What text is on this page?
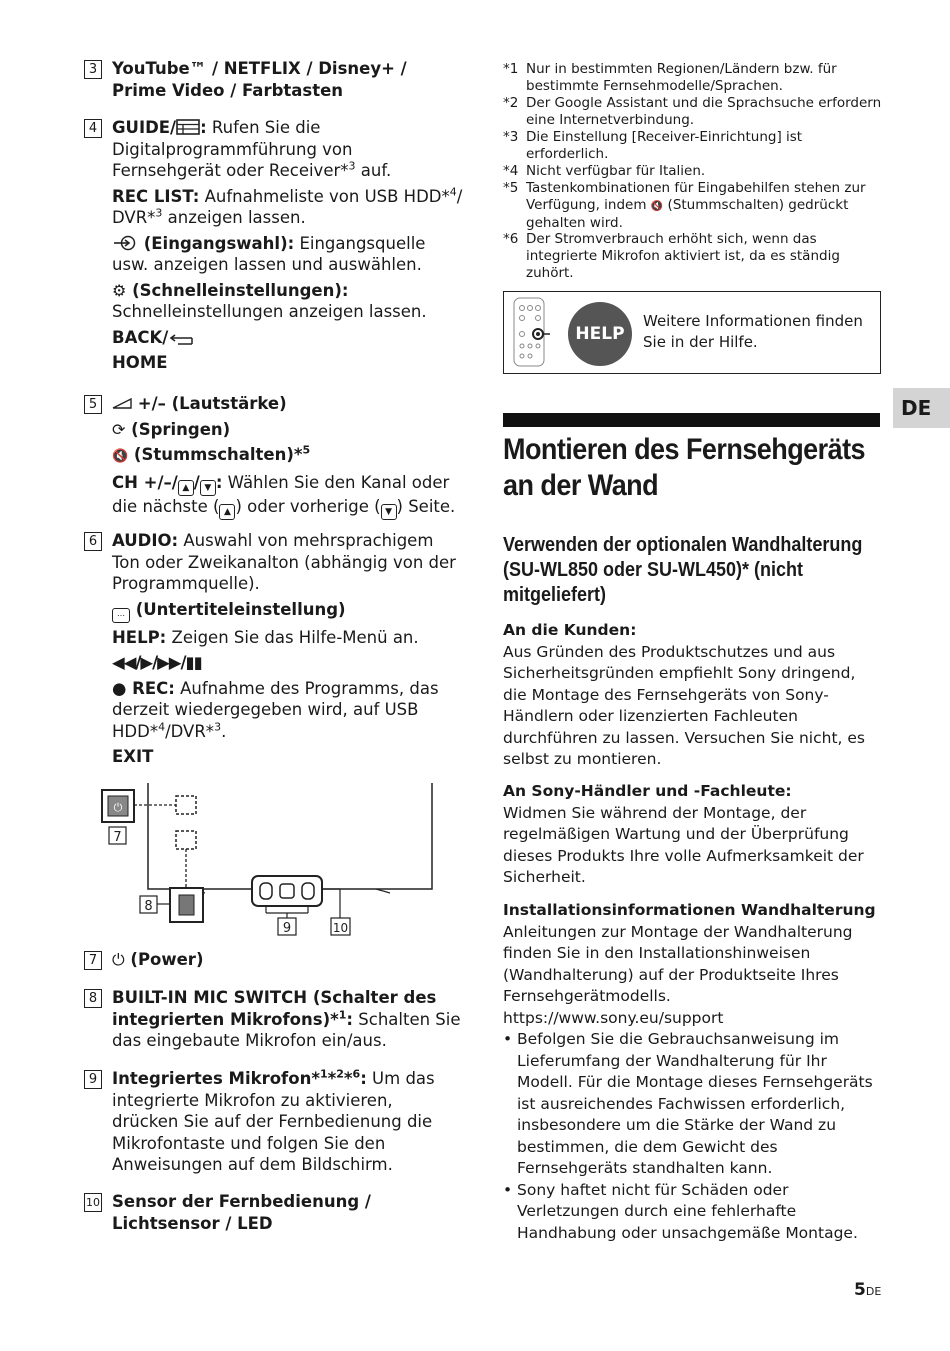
3 YouTube™ / NETFLIX / Disney+ / Prime Video / Farbtasten
4 GUIDE/ : Rufen Sie die Digitalprogrammführung von Fernsehgerät oder Receiver*$^3$ auf.
REC LIST: Aufnahmeliste von USB HDD*$^4$/ DVR*$^3$ anzeigen lassen.
(Eingangswahl): Eingangsquelle usw. anzeigen lassen und auswählen.
⚙ (Schnelleinstellungen):
Schnelleinstellungen anzeigen lassen.
BACK/
HOME
5	+/– (Lautstärke)
⟳ (Springen)
🔇 (Stummschalten)*$^5$
CH +/–/ ▲ / ▼ : Wählen Sie den Kanal oder die nächste ( ▲ ) oder vorherige ( ▼ ) Seite.
6 AUDIO: Auswahl von mehrsprachigem Ton oder Zweikanalton (abhängig von der Programmquelle).
… (Untertiteleinstellung)
HELP: Zeigen Sie das Hilfe-Menü an.
◀◀/▶/▶▶/▮▮
● REC: Aufnahme des Programms, das derzeit wiedergegeben wird, auf USB HDD*$^4$/DVR*$^3$.
EXIT
⏻
7
8
9	10
7 ⏻ (Power)
8 BUILT-IN MIC SWITCH (Schalter des integrierten Mikrofons)*$^1$: Schalten Sie das eingebaute Mikrofon ein/aus.
9 Integriertes Mikrofon*$^1$*$^2$*$^6$: Um das integrierte Mikrofon zu aktivieren, drücken Sie auf der Fernbedienung die Mikrofontaste und folgen Sie den Anweisungen auf dem Bildschirm.
10 Sensor der Fernbedienung / Lichtsensor / LED
*1 Nur in bestimmten Regionen/Ländern bzw. für bestimmte Fernsehmodelle/Sprachen.
*2 Der Google Assistant und die Sprachsuche erfordern eine Internetverbindung.
*3 Die Einstellung [Receiver-Einrichtung] ist erforderlich.
*4 Nicht verfügbar für Italien.
*5 Tastenkombinationen für Eingabehilfen stehen zur Verfügung, indem 🔇 (Stummschalten) gedrückt gehalten wird.
*6 Der Stromverbrauch erhöht sich, wenn das integrierte Mikrofon aktiviert ist, da es ständig zuhört.
HELP
Weitere Informationen finden Sie in der Hilfe.
DE
Montieren des Fernsehgeräts an der Wand
Verwenden der optionalen Wandhalterung (SU-WL850 oder SU-WL450)* (nicht mitgeliefert)
An die Kunden:
Aus Gründen des Produktschutzes und aus Sicherheitsgründen empfiehlt Sony dringend, die Montage des Fernsehgeräts von Sony-Händlern oder lizenzierten Fachleuten durchführen zu lassen. Versuchen Sie nicht, es selbst zu montieren.
An Sony-Händler und -Fachleute:
Widmen Sie während der Montage, der regelmäßigen Wartung und der Überprüfung dieses Produkts Ihre volle Aufmerksamkeit der Sicherheit.
Installationsinformationen Wandhalterung
Anleitungen zur Montage der Wandhalterung finden Sie in den Installationshinweisen (Wandhalterung) auf der Produktseite Ihres Fernsehgerätmodells.
https://www.sony.eu/support
• Befolgen Sie die Gebrauchsanweisung im Lieferumfang der Wandhalterung für Ihr Modell. Für die Montage dieses Fernsehgeräts ist ausreichendes Fachwissen erforderlich, insbesondere um die Stärke der Wand zu bestimmen, die dem Gewicht des Fernsehgeräts standhalten kann.
• Sony haftet nicht für Schäden oder Verletzungen durch eine fehlerhafte Handhabung oder unsachgemäße Montage.
5DE
